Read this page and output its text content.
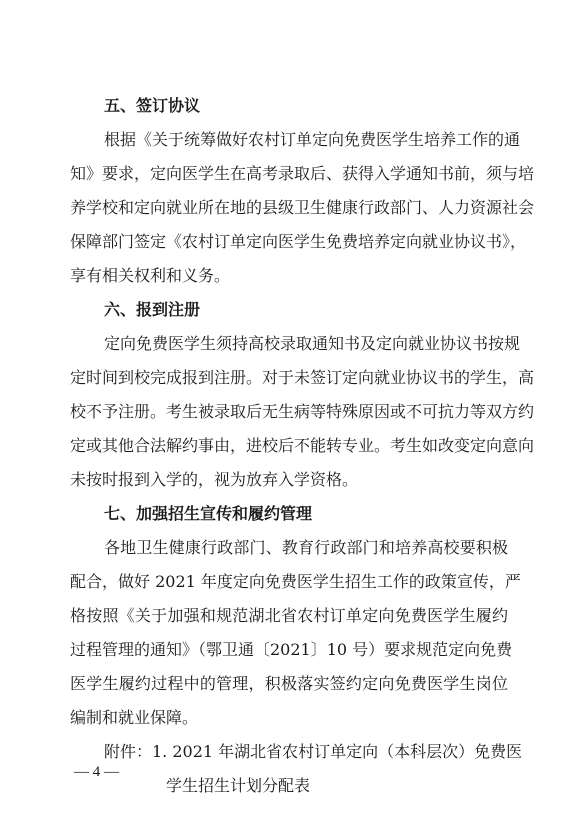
五、签订协议
根据《关于统筹做好农村订单定向免费医学生培养工作的通
知》要求，定向医学生在高考录取后、获得入学通知书前，须与培
养学校和定向就业所在地的县级卫生健康行政部门、人力资源社会
保障部门签定《农村订单定向医学生免费培养定向就业协议书》，
享有相关权利和义务。
六、报到注册
定向免费医学生须持高校录取通知书及定向就业协议书按规
定时间到校完成报到注册。对于未签订定向就业协议书的学生，高
校不予注册。考生被录取后无生病等特殊原因或不可抗力等双方约
定或其他合法解约事由，进校后不能转专业。考生如改变定向意向
未按时报到入学的，视为放弃入学资格。
七、加强招生宣传和履约管理
各地卫生健康行政部门、教育行政部门和培养高校要积极
配合，做好 2021 年度定向免费医学生招生工作的政策宣传，严
格按照《关于加强和规范湖北省农村订单定向免费医学生履约
过程管理的通知》（鄂卫通〔2021〕10 号）要求规范定向免费
医学生履约过程中的管理，积极落实签约定向免费医学生岗位
编制和就业保障。
附件：1. 2021 年湖北省农村订单定向（本科层次）免费医
学生招生计划分配表
— 4 —
